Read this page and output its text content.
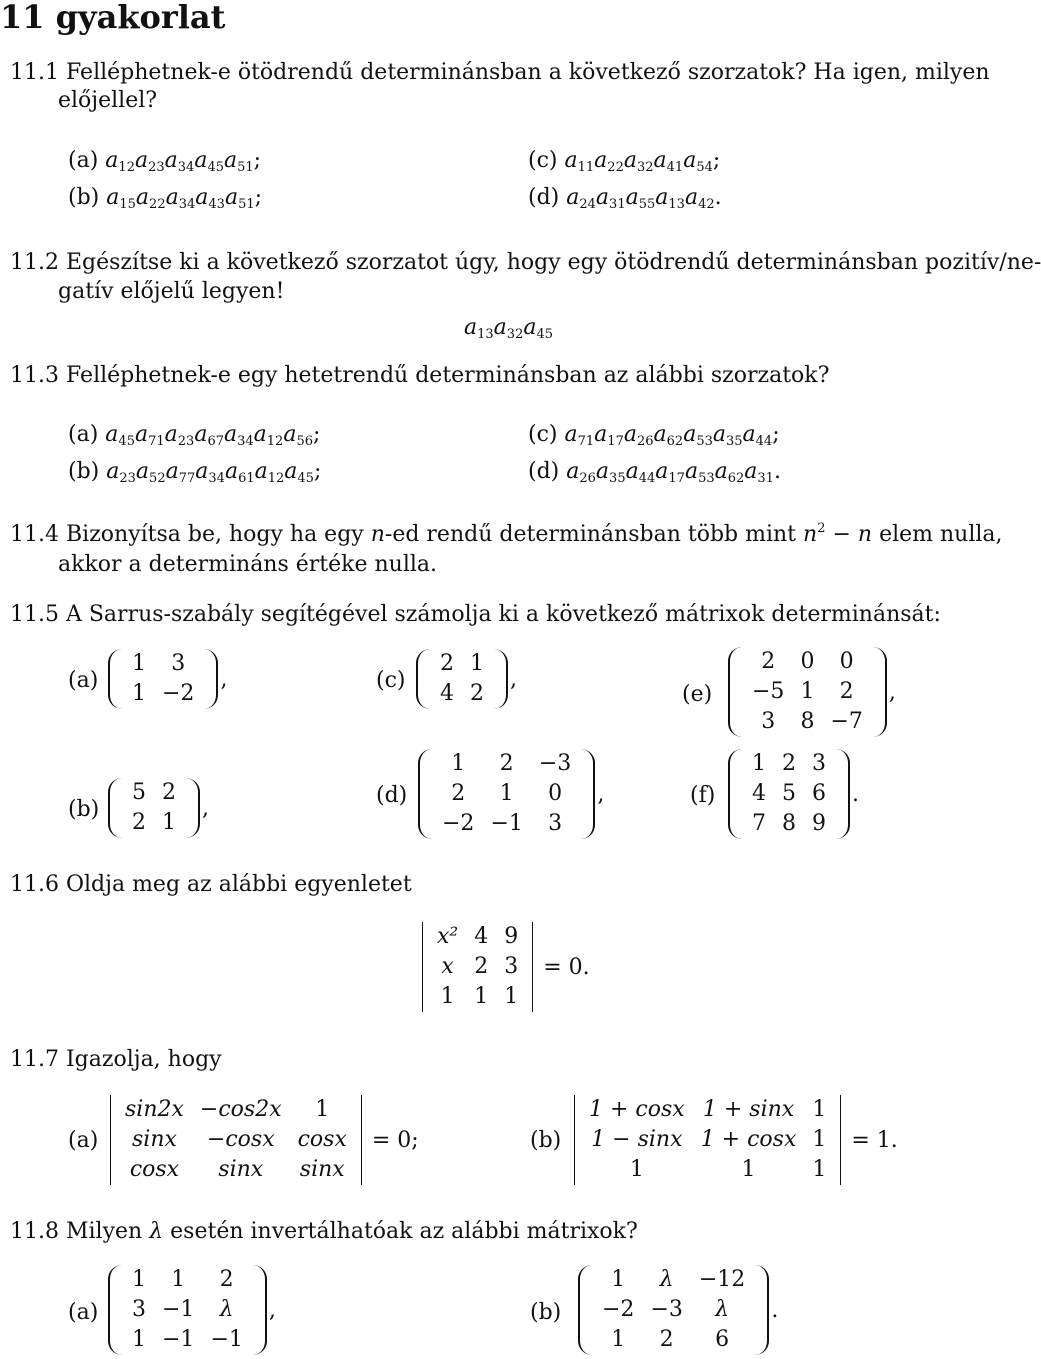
11 gyakorlat
11.1 Felléphetnek-e ötödrendű determinánsban a következő szorzatok? Ha igen, milyen
előjellel?
(a) $a_{12}a_{23}a_{34}a_{45}a_{51}$;
(b) $a_{15}a_{22}a_{34}a_{43}a_{51}$;
(c) $a_{11}a_{22}a_{32}a_{41}a_{54}$;
(d) $a_{24}a_{31}a_{55}a_{13}a_{42}$.
11.2 Egészítse ki a következő szorzatot úgy, hogy egy ötödrendű determinánsban pozitív/ne-
gatív előjelű legyen!
$a_{13}a_{32}a_{45}$
11.3 Felléphetnek-e egy hetetrendű determinánsban az alábbi szorzatok?
(a) $a_{45}a_{71}a_{23}a_{67}a_{34}a_{12}a_{56}$;
(b) $a_{23}a_{52}a_{77}a_{34}a_{61}a_{12}a_{45}$;
(c) $a_{71}a_{17}a_{26}a_{62}a_{53}a_{35}a_{44}$;
(d) $a_{26}a_{35}a_{44}a_{17}a_{53}a_{62}a_{31}$.
11.4 Bizonyítsa be, hogy ha egy n-ed rendű determinánsban több mint $n^2 - n$ elem nulla,
akkor a determináns értéke nulla.
11.5 A Sarrus-szabály segítégével számolja ki a következő mátrixok determinánsát:
(a)
1	3
1	−2
,
(b)
5	2
2	1
,
(c)
2	1
4	2
,
(d)
1	2	−3
2	1	0
−2	−1	3
,
(e)
2	0	0
−5	1	2
3	8	−7
,
(f)
1	2	3
4	5	6
7	8	9
.
11.6 Oldja meg az alábbi egyenletet
x²	4	9
x	2	3
1	1	1
= 0.
11.7 Igazolja, hogy
(a)
sin2x	−cos2x	1
sinx	−cosx	cosx
cosx	sinx	sinx
= 0;	(b)
1 + cosx	1 + sinx	1
1 − sinx	1 + cosx	1
1	1	1
= 1.
11.8 Milyen λ esetén invertálhatóak az alábbi mátrixok?
(a)
1	1	2
3	−1	λ
1	−1	−1
,	(b)
1	λ	−12
−2	−3	λ
1	2	6
.
